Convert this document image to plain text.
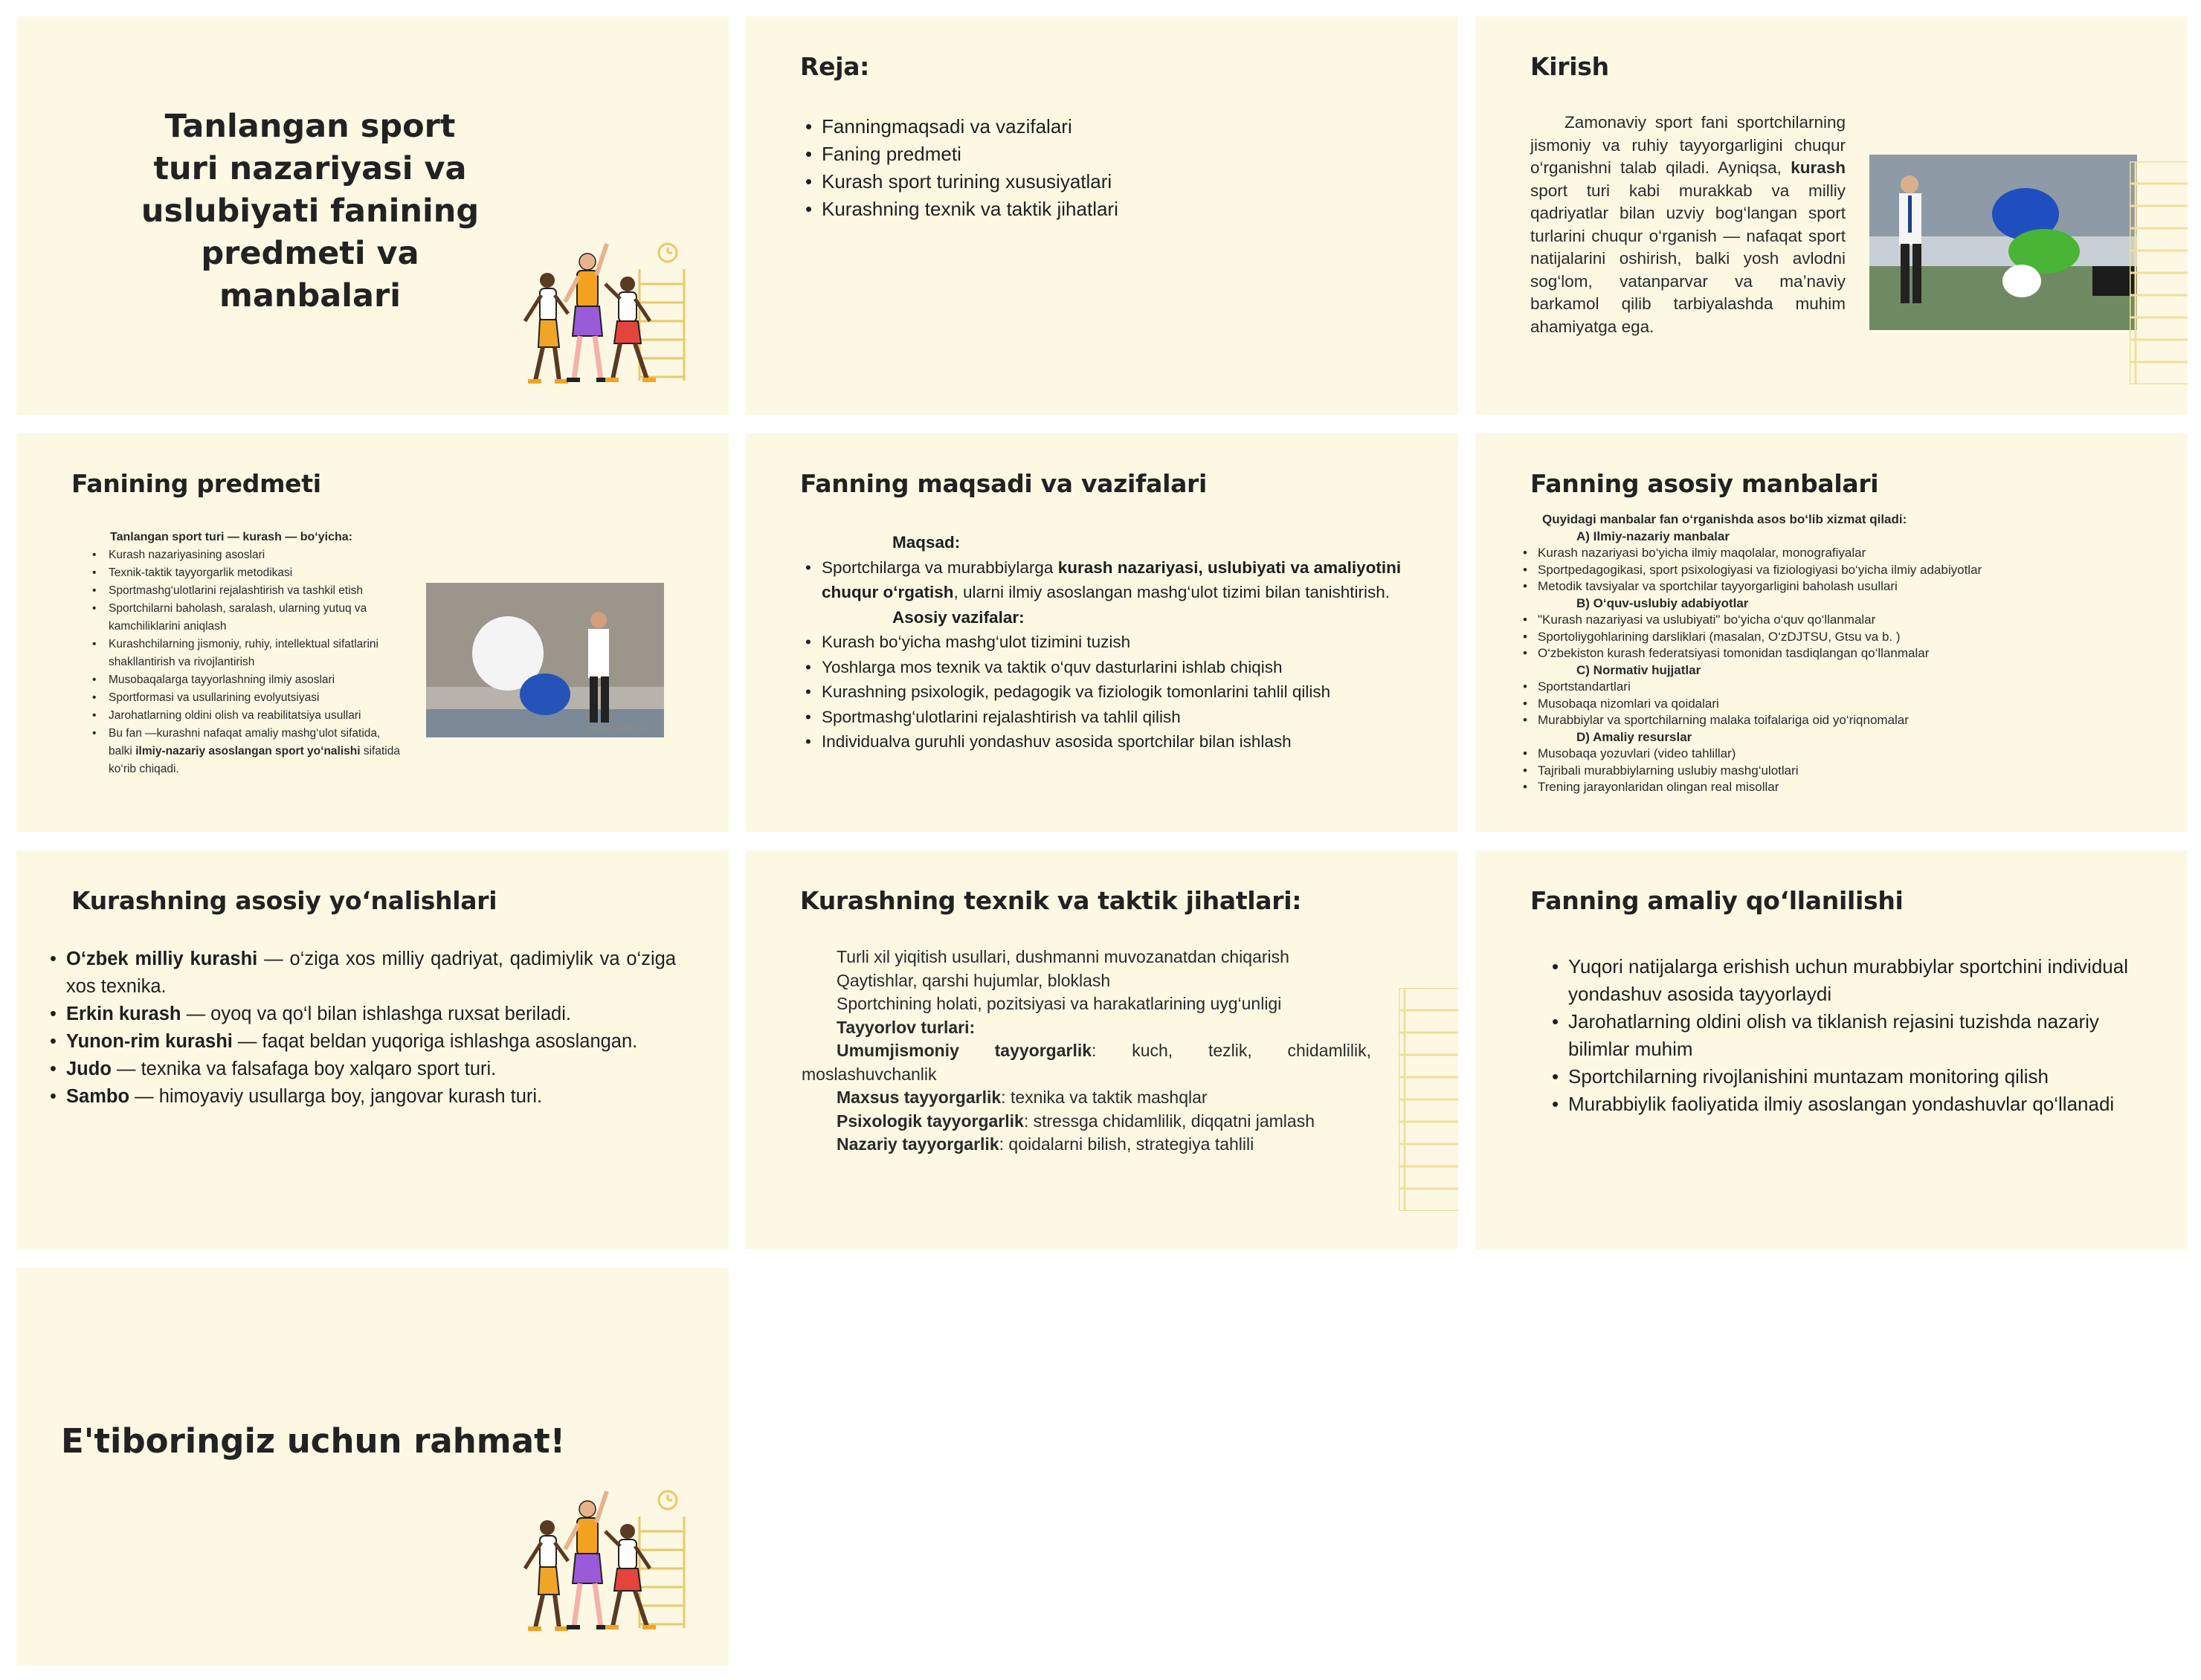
Tanlangan sport turi nazariyasi va uslubiyati fanining predmeti va manbalari
Reja:
• Fanningmaqsadi va vazifalari
• Faning predmeti
• Kurash sport turining xususiyatlari
• Kurashning texnik va taktik jihatlari
Kirish
Zamonaviy sport fani sportchilarning jismoniy va ruhiy tayyorgarligini chuqur o‘rganishni talab qiladi. Ayniqsa, kurash sport turi kabi murakkab va milliy qadriyatlar bilan uzviy bog‘langan sport turlarini chuqur o‘rganish — nafaqat sport natijalarini oshirish, balki yosh avlodni sog‘lom, vatanparvar va ma’naviy barkamol qilib tarbiyalashda muhim ahamiyatga ega.
Fanining predmeti
Tanlangan sport turi — kurash — bo‘yicha:
• Kurash nazariyasining asoslari
• Texnik-taktik tayyorgarlik metodikasi
• Sportmashg‘ulotlarini rejalashtirish va tashkil etish
• Sportchilarni baholash, saralash, ularning yutuq va kamchiliklarini aniqlash
• Kurashchilarning jismoniy, ruhiy, intellektual sifatlarini shakllantirish va rivojlantirish
• Musobaqalarga tayyorlashning ilmiy asoslari
• Sportformasi va usullarining evolyutsiyasi
• Jarohatlarning oldini olish va reabilitatsiya usullari
• Bu fan —kurashni nafaqat amaliy mashg‘ulot sifatida, balki ilmiy-nazariy asoslangan sport yo‘nalishi sifatida ko‘rib chiqadi.
www.uza.uz
Fanning maqsadi va vazifalari
Maqsad:
• Sportchilarga va murabbiylarga kurash nazariyasi, uslubiyati va amaliyotini chuqur o‘rgatish, ularni ilmiy asoslangan mashg‘ulot tizimi bilan tanishtirish.
Asosiy vazifalar:
• Kurash bo‘yicha mashg‘ulot tizimini tuzish
• Yoshlarga mos texnik va taktik o‘quv dasturlarini ishlab chiqish
• Kurashning psixologik, pedagogik va fiziologik tomonlarini tahlil qilish
• Sportmashg‘ulotlarini rejalashtirish va tahlil qilish
• Individualva guruhli yondashuv asosida sportchilar bilan ishlash
Fanning asosiy manbalari
Quyidagi manbalar fan o‘rganishda asos bo‘lib xizmat qiladi:
A) Ilmiy-nazariy manbalar
• Kurash nazariyasi bo‘yicha ilmiy maqolalar, monografiyalar
• Sportpedagogikasi, sport psixologiyasi va fiziologiyasi bo‘yicha ilmiy adabiyotlar
• Metodik tavsiyalar va sportchilar tayyorgarligini baholash usullari
B) O‘quv-uslubiy adabiyotlar
• "Kurash nazariyasi va uslubiyati" bo‘yicha o‘quv qo‘llanmalar
• Sportoliygohlarining darsliklari (masalan, O‘zDJTSU, Gtsu va b. )
• O‘zbekiston kurash federatsiyasi tomonidan tasdiqlangan qo‘llanmalar
C) Normativ hujjatlar
• Sportstandartlari
• Musobaqa nizomlari va qoidalari
• Murabbiylar va sportchilarning malaka toifalariga oid yo‘riqnomalar
D) Amaliy resurslar
• Musobaqa yozuvlari (video tahlillar)
• Tajribali murabbiylarning uslubiy mashg‘ulotlari
• Trening jarayonlaridan olingan real misollar
Kurashning asosiy yo‘nalishlari
• O‘zbek milliy kurashi — o‘ziga xos milliy qadriyat, qadimiylik va o‘ziga xos texnika.
• Erkin kurash — oyoq va qo‘l bilan ishlashga ruxsat beriladi.
• Yunon-rim kurashi — faqat beldan yuqoriga ishlashga asoslangan.
• Judo — texnika va falsafaga boy xalqaro sport turi.
• Sambo — himoyaviy usullarga boy, jangovar kurash turi.
Kurashning texnik va taktik jihatlari:
Turli xil yiqitish usullari, dushmanni muvozanatdan chiqarish
Qaytishlar, qarshi hujumlar, bloklash
Sportchining holati, pozitsiyasi va harakatlarining uyg‘unligi
Tayyorlov turlari:
Umumjismoniy tayyorgarlik: kuch, tezlik, chidamlilik,
moslashuvchanlik
Maxsus tayyorgarlik: texnika va taktik mashqlar
Psixologik tayyorgarlik: stressga chidamlilik, diqqatni jamlash
Nazariy tayyorgarlik: qoidalarni bilish, strategiya tahlili
Fanning amaliy qo‘llanilishi
• Yuqori natijalarga erishish uchun murabbiylar sportchini individual yondashuv asosida tayyorlaydi
• Jarohatlarning oldini olish va tiklanish rejasini tuzishda nazariy bilimlar muhim
• Sportchilarning rivojlanishini muntazam monitoring qilish
• Murabbiylik faoliyatida ilmiy asoslangan yondashuvlar qo‘llanadi
E'tiboringiz uchun rahmat!
